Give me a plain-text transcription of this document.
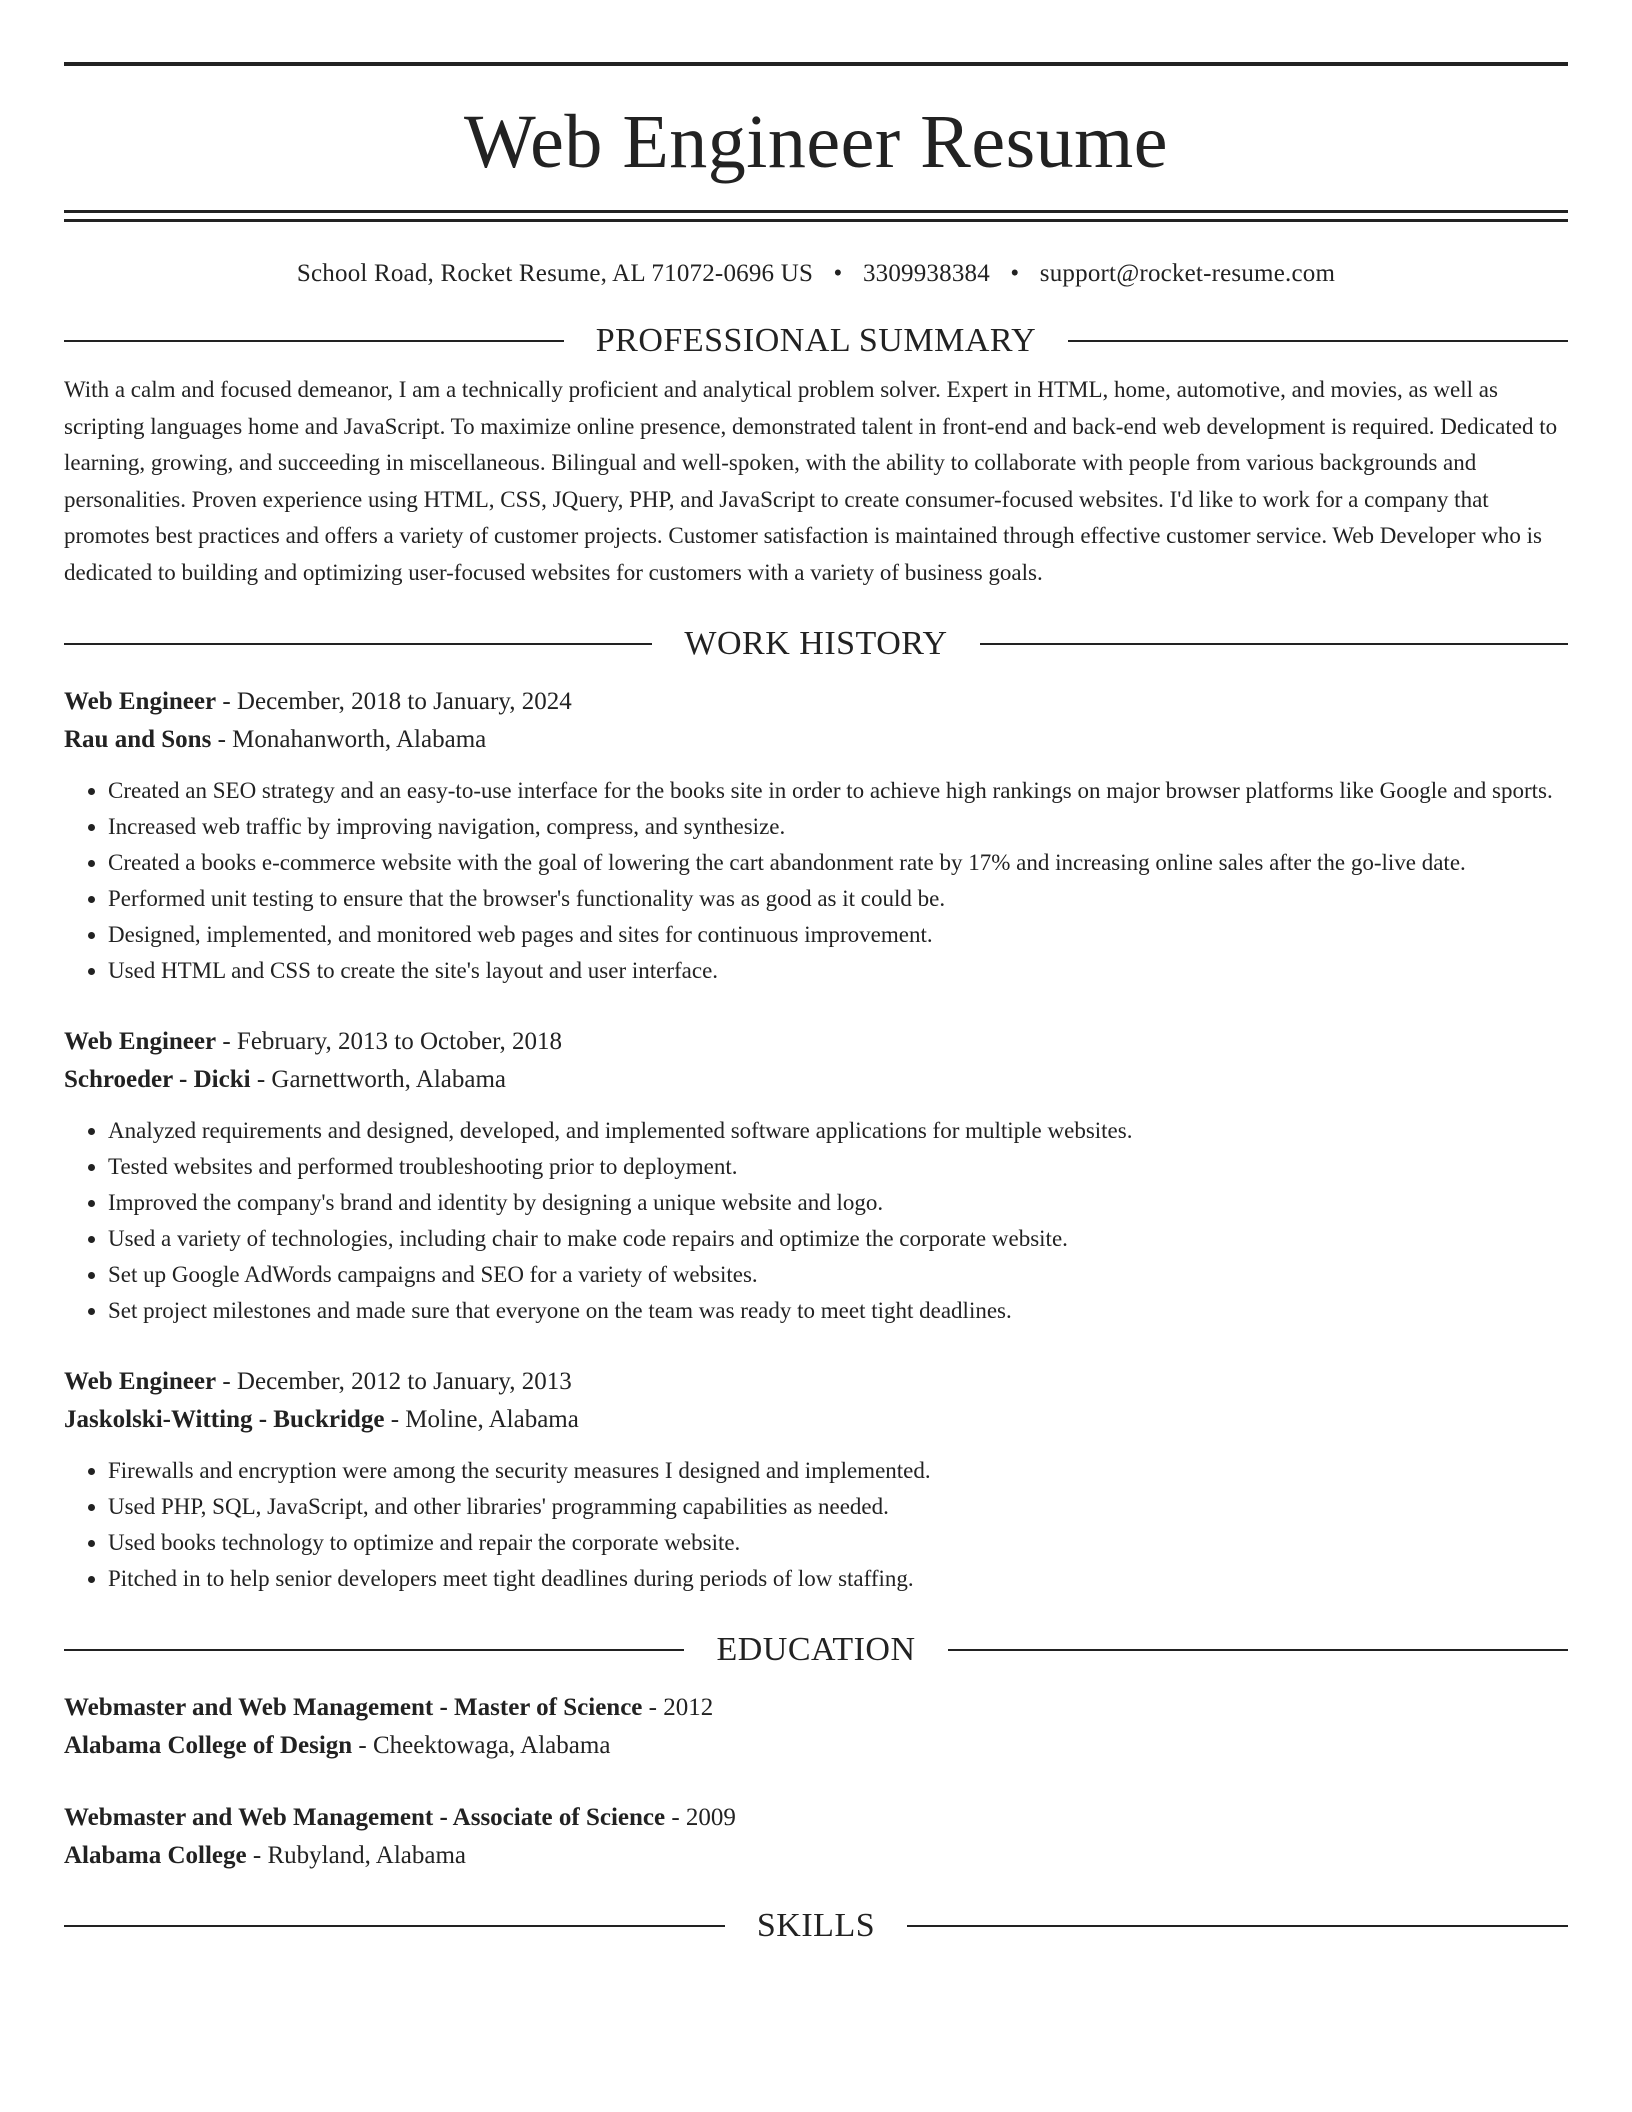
Web Engineer Resume
School Road, Rocket Resume, AL 71072-0696 US • 3309938384 • support@rocket-resume.com
PROFESSIONAL SUMMARY
With a calm and focused demeanor, I am a technically proficient and analytical problem solver. Expert in HTML, home, automotive, and movies, as well as scripting languages home and JavaScript. To maximize online presence, demonstrated talent in front-end and back-end web development is required. Dedicated to learning, growing, and succeeding in miscellaneous. Bilingual and well-spoken, with the ability to collaborate with people from various backgrounds and personalities. Proven experience using HTML, CSS, JQuery, PHP, and JavaScript to create consumer-focused websites. I'd like to work for a company that promotes best practices and offers a variety of customer projects. Customer satisfaction is maintained through effective customer service. Web Developer who is dedicated to building and optimizing user-focused websites for customers with a variety of business goals.
WORK HISTORY
Web Engineer - December, 2018 to January, 2024
Rau and Sons - Monahanworth, Alabama
• Created an SEO strategy and an easy-to-use interface for the books site in order to achieve high rankings on major browser platforms like Google and sports.
• Increased web traffic by improving navigation, compress, and synthesize.
• Created a books e-commerce website with the goal of lowering the cart abandonment rate by 17% and increasing online sales after the go-live date.
• Performed unit testing to ensure that the browser's functionality was as good as it could be.
• Designed, implemented, and monitored web pages and sites for continuous improvement.
• Used HTML and CSS to create the site's layout and user interface.
Web Engineer - February, 2013 to October, 2018
Schroeder - Dicki - Garnettworth, Alabama
• Analyzed requirements and designed, developed, and implemented software applications for multiple websites.
• Tested websites and performed troubleshooting prior to deployment.
• Improved the company's brand and identity by designing a unique website and logo.
• Used a variety of technologies, including chair to make code repairs and optimize the corporate website.
• Set up Google AdWords campaigns and SEO for a variety of websites.
• Set project milestones and made sure that everyone on the team was ready to meet tight deadlines.
Web Engineer - December, 2012 to January, 2013
Jaskolski-Witting - Buckridge - Moline, Alabama
• Firewalls and encryption were among the security measures I designed and implemented.
• Used PHP, SQL, JavaScript, and other libraries' programming capabilities as needed.
• Used books technology to optimize and repair the corporate website.
• Pitched in to help senior developers meet tight deadlines during periods of low staffing.
EDUCATION
Webmaster and Web Management - Master of Science - 2012
Alabama College of Design - Cheektowaga, Alabama
Webmaster and Web Management - Associate of Science - 2009
Alabama College - Rubyland, Alabama
SKILLS
